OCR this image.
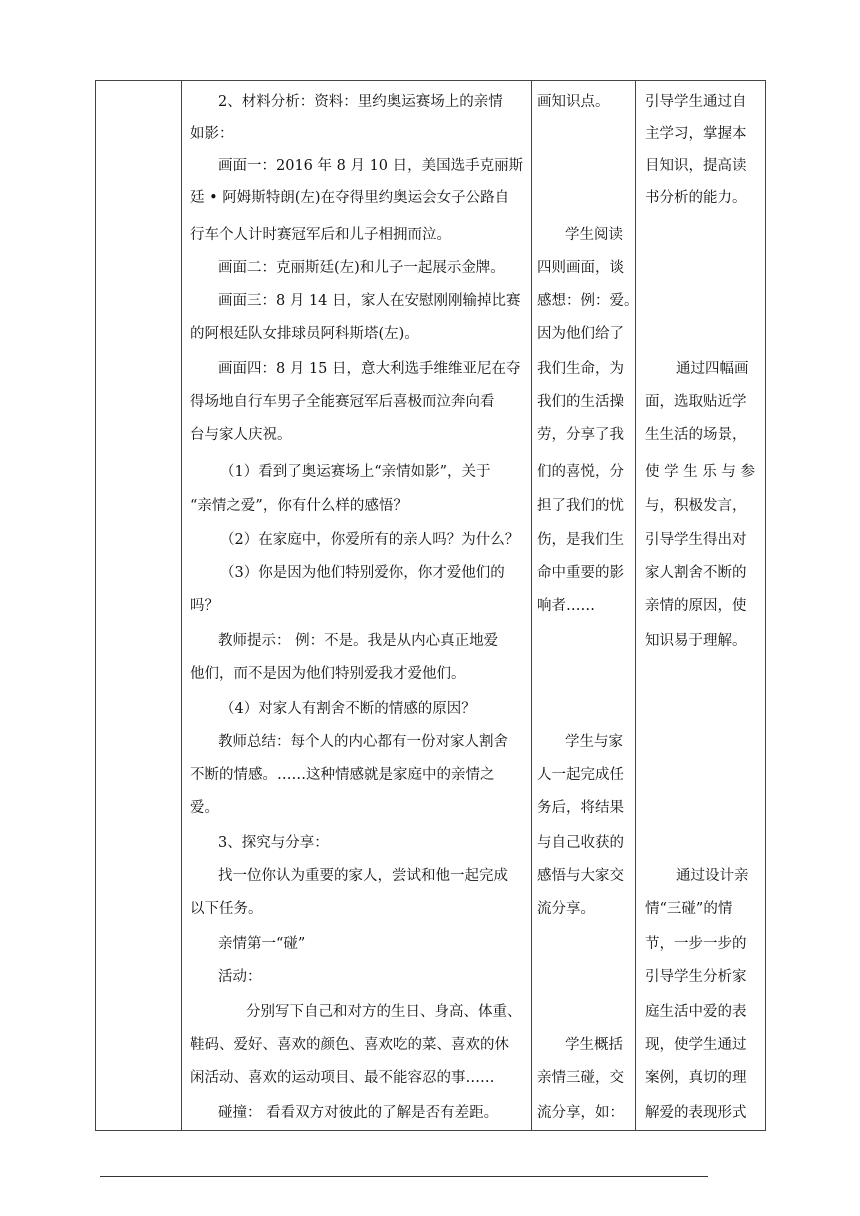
2、材料分析：资料：里约奥运赛场上的亲情
如影：
画面一：2016 年 8 月 10 日，美国选手克丽斯
廷 • 阿姆斯特朗(左)在夺得里约奥运会女子公路自
行车个人计时赛冠军后和儿子相拥而泣。
画面二：克丽斯廷(左)和儿子一起展示金牌。
画面三：8 月 14 日，家人在安慰刚刚输掉比赛
的阿根廷队女排球员阿科斯塔(左)。
画面四：8 月 15 日，意大利选手维维亚尼在夺
得场地自行车男子全能赛冠军后喜极而泣奔向看
台与家人庆祝。
（1）看到了奥运赛场上“亲情如影”，关于
“亲情之爱”，你有什么样的感悟？
（2）在家庭中，你爱所有的亲人吗？为什么？
（3）你是因为他们特别爱你，你才爱他们的
吗？
教师提示： 例：不是。我是从内心真正地爱
他们，而不是因为他们特别爱我才爱他们。
（4）对家人有割舍不断的情感的原因？
教师总结：每个人的内心都有一份对家人割舍
不断的情感。……这种情感就是家庭中的亲情之
爱。
3、探究与分享：
找一位你认为重要的家人，尝试和他一起完成
以下任务。
亲情第一“碰”
活动：
分别写下自己和对方的生日、身高、体重、
鞋码、爱好、喜欢的颜色、喜欢吃的菜、喜欢的休
闲活动、喜欢的运动项目、最不能容忍的事……
碰撞： 看看双方对彼此的了解是否有差距。
画知识点。
学生阅读
四则画面，谈
感想：例：爱。
因为他们给了
我们生命，为
我们的生活操
劳，分享了我
们的喜悦，分
担了我们的忧
伤，是我们生
命中重要的影
响者……
学生与家
人一起完成任
务后，将结果
与自己收获的
感悟与大家交
流分享。
学生概括
亲情三碰，交
流分享，如：
引导学生通过自
主学习，掌握本
目知识，提高读
书分析的能力。
通过四幅画
面，选取贴近学
生生活的场景，
使 学 生 乐 与 参
与，积极发言，
引导学生得出对
家人割舍不断的
亲情的原因，使
知识易于理解。
通过设计亲
情“三碰”的情
节，一步一步的
引导学生分析家
庭生活中爱的表
现，使学生通过
案例，真切的理
解爱的表现形式
